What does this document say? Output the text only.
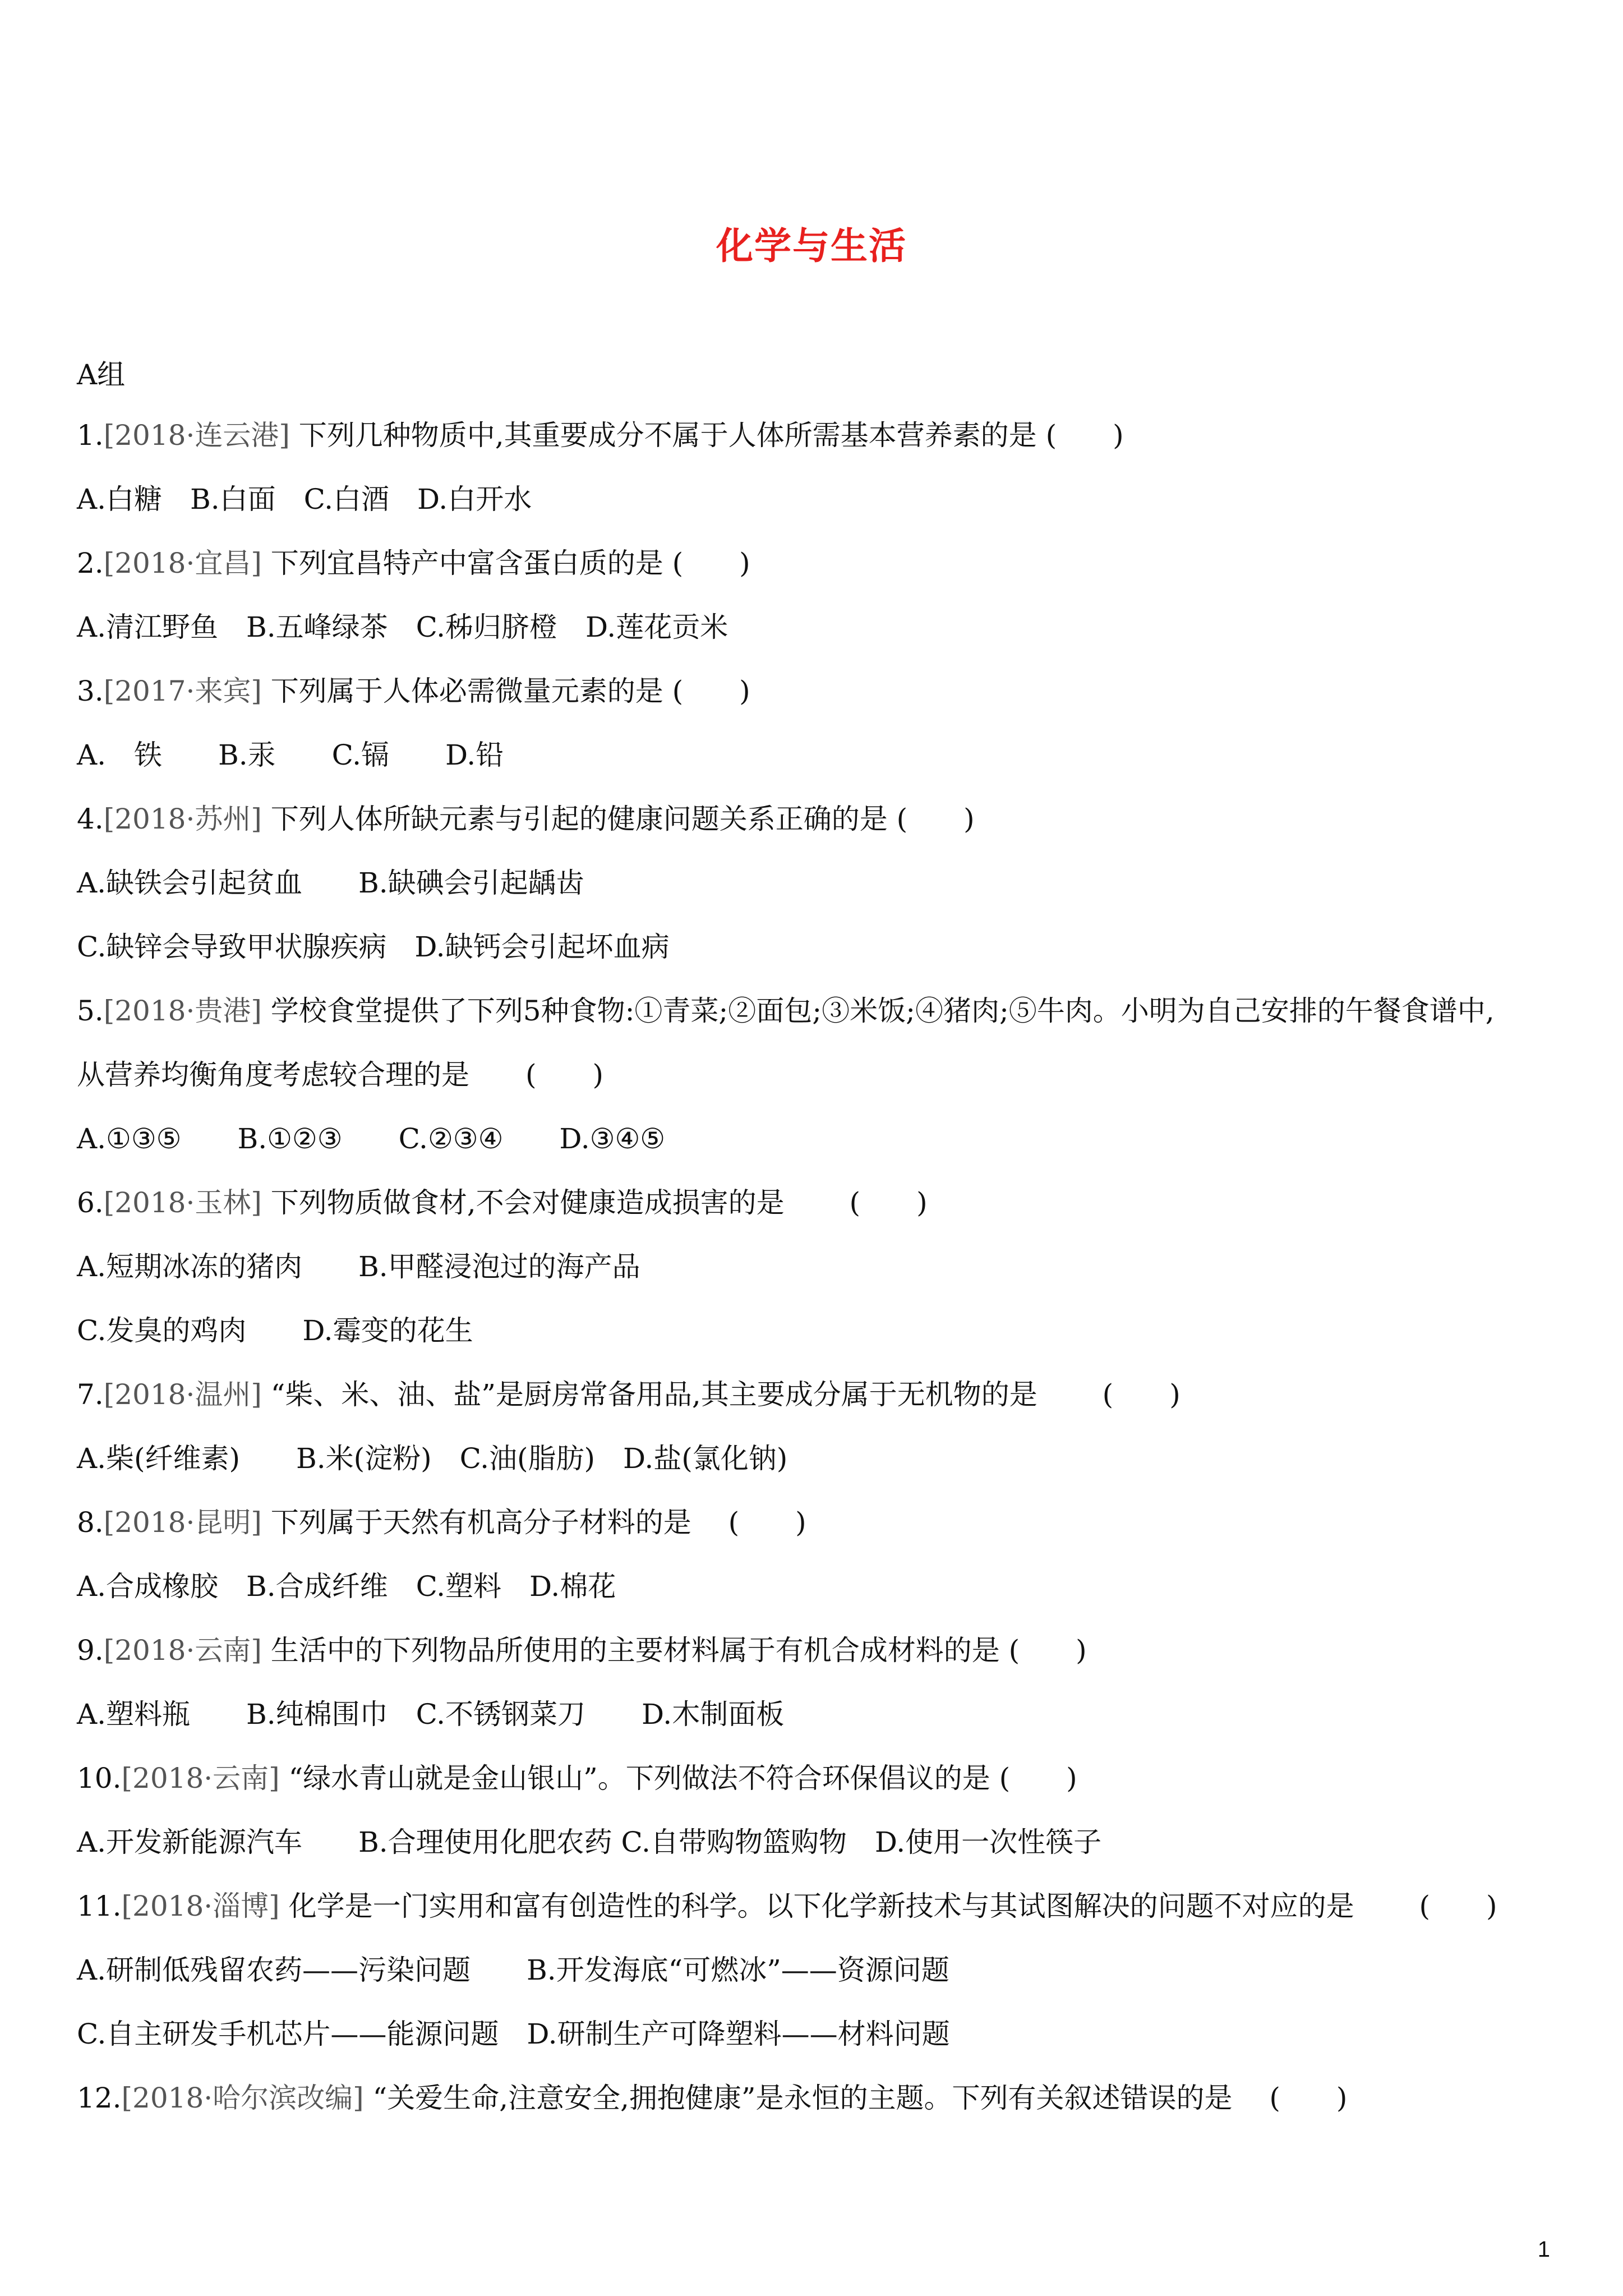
化学与生活
A组
1.[2018·连云港] 下列几种物质中,其重要成分不属于人体所需基本营养素的是 (　　)
A.白糖　B.白面　C.白酒　D.白开水
2.[2018·宜昌] 下列宜昌特产中富含蛋白质的是 (　　)
A.清江野鱼　B.五峰绿茶　C.秭归脐橙　D.莲花贡米
3.[2017·来宾] 下列属于人体必需微量元素的是 (　　)
A.　铁　　B.汞　　C.镉　　D.铅
4.[2018·苏州] 下列人体所缺元素与引起的健康问题关系正确的是 (　　)
A.缺铁会引起贫血　　B.缺碘会引起龋齿
C.缺锌会导致甲状腺疾病　D.缺钙会引起坏血病
5.[2018·贵港] 学校食堂提供了下列5种食物:①青菜;②面包;③米饭;④猪肉;⑤牛肉。小明为自己安排的午餐食谱中,
从营养均衡角度考虑较合理的是　　(　　)
A.①③⑤　　B.①②③　　C.②③④　　D.③④⑤
6.[2018·玉林] 下列物质做食材,不会对健康造成损害的是 　　(　　)
A.短期冰冻的猪肉　　B.甲醛浸泡过的海产品
C.发臭的鸡肉　　D.霉变的花生
7.[2018·温州] “柴、米、油、盐”是厨房常备用品,其主要成分属于无机物的是 　　(　　)
A.柴(纤维素)　　B.米(淀粉)　C.油(脂肪)　D.盐(氯化钠)
8.[2018·昆明] 下列属于天然有机高分子材料的是 　(　　)
A.合成橡胶　B.合成纤维　C.塑料　D.棉花
9.[2018·云南] 生活中的下列物品所使用的主要材料属于有机合成材料的是 (　　)
A.塑料瓶　　B.纯棉围巾　C.不锈钢菜刀　　D.木制面板
10.[2018·云南] “绿水青山就是金山银山”。下列做法不符合环保倡议的是 (　　)
A.开发新能源汽车　　B.合理使用化肥农药 C.自带购物篮购物　D.使用一次性筷子
11.[2018·淄博] 化学是一门实用和富有创造性的科学。以下化学新技术与其试图解决的问题不对应的是 　　(　　)
A.研制低残留农药——污染问题　　B.开发海底“可燃冰”——资源问题
C.自主研发手机芯片——能源问题　D.研制生产可降塑料——材料问题
12.[2018·哈尔滨改编] “关爱生命,注意安全,拥抱健康”是永恒的主题。下列有关叙述错误的是 　(　　)
1
